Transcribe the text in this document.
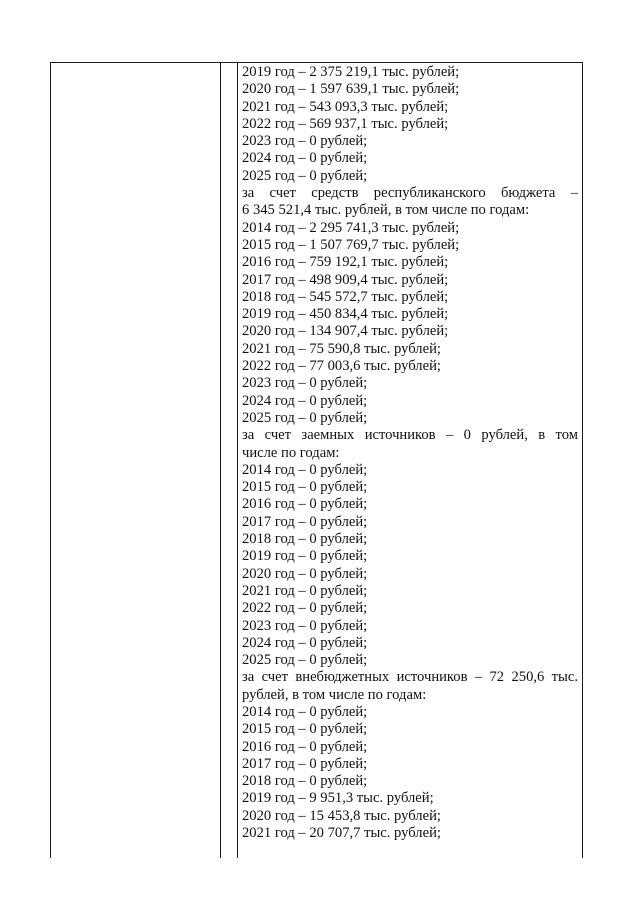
2019 год – 2 375 219,1 тыс. рублей;
2020 год – 1 597 639,1 тыс. рублей;
2021 год – 543 093,3 тыс. рублей;
2022 год – 569 937,1 тыс. рублей;
2023 год – 0 рублей;
2024 год – 0 рублей;
2025 год – 0 рублей;
за счет средств республиканского бюджета –
6 345 521,4 тыс. рублей, в том числе по годам:
2014 год – 2 295 741,3 тыс. рублей;
2015 год – 1 507 769,7 тыс. рублей;
2016 год – 759 192,1 тыс. рублей;
2017 год – 498 909,4 тыс. рублей;
2018 год – 545 572,7 тыс. рублей;
2019 год – 450 834,4 тыс. рублей;
2020 год – 134 907,4 тыс. рублей;
2021 год – 75 590,8 тыс. рублей;
2022 год – 77 003,6 тыс. рублей;
2023 год – 0 рублей;
2024 год – 0 рублей;
2025 год – 0 рублей;
за счет заемных источников – 0 рублей, в том
числе по годам:
2014 год – 0 рублей;
2015 год – 0 рублей;
2016 год – 0 рублей;
2017 год – 0 рублей;
2018 год – 0 рублей;
2019 год – 0 рублей;
2020 год – 0 рублей;
2021 год – 0 рублей;
2022 год – 0 рублей;
2023 год – 0 рублей;
2024 год – 0 рублей;
2025 год – 0 рублей;
за счет внебюджетных источников – 72 250,6 тыс.
рублей, в том числе по годам:
2014 год – 0 рублей;
2015 год – 0 рублей;
2016 год – 0 рублей;
2017 год – 0 рублей;
2018 год – 0 рублей;
2019 год – 9 951,3 тыс. рублей;
2020 год – 15 453,8 тыс. рублей;
2021 год – 20 707,7 тыс. рублей;
